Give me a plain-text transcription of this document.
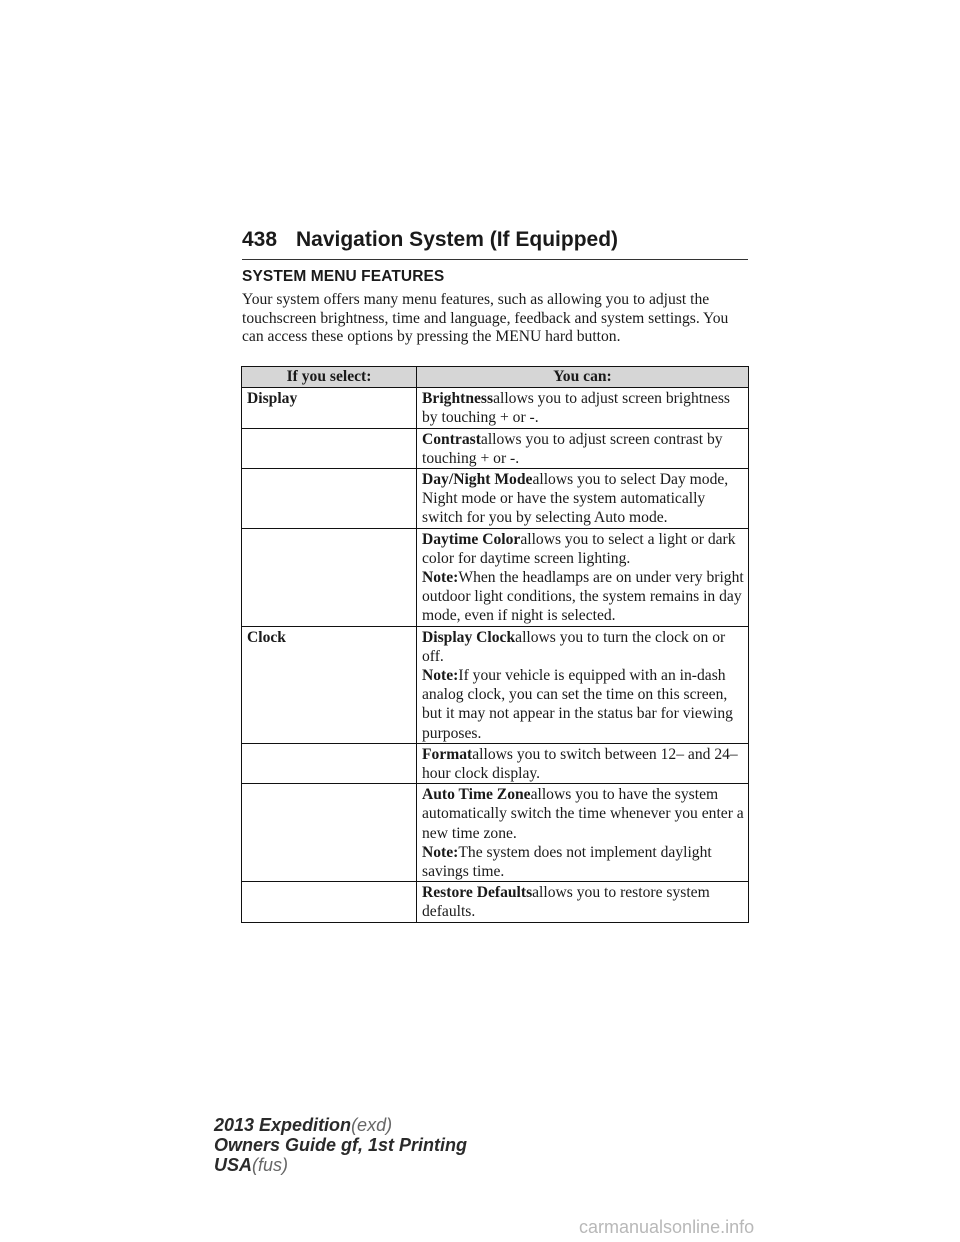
438 Navigation System (If Equipped)
SYSTEM MENU FEATURES

Your system offers many menu features, such as allowing you to adjust the touchscreen brightness, time and language, feedback and system settings. You can access these options by pressing the MENU hard button.

If you select:	You can:
Display	Brightnessallows you to adjust screen brightness by touching + or -.
	Contrastallows you to adjust screen contrast by touching + or -.
	Day/Night Modeallows you to select Day mode, Night mode or have the system automatically switch for you by selecting Auto mode.
	Daytime Colorallows you to select a light or dark color for daytime screen lighting.
Note:When the headlamps are on under very bright outdoor light conditions, the system remains in day mode, even if night is selected.

Clock	Display Clockallows you to turn the clock on or off.
Note:If your vehicle is equipped with an in-dash analog clock, you can set the time on this screen, but it may not appear in the status bar for viewing purposes.

	Formatallows you to switch between 12– and 24–hour clock display.
	Auto Time Zoneallows you to have the system automatically switch the time whenever you enter a new time zone.
Note:The system does not implement daylight savings time.

	Restore Defaultsallows you to restore system defaults.
2013 Expedition(exd)
Owners Guide gf, 1st Printing
USA(fus)
carmanualsonline.info
